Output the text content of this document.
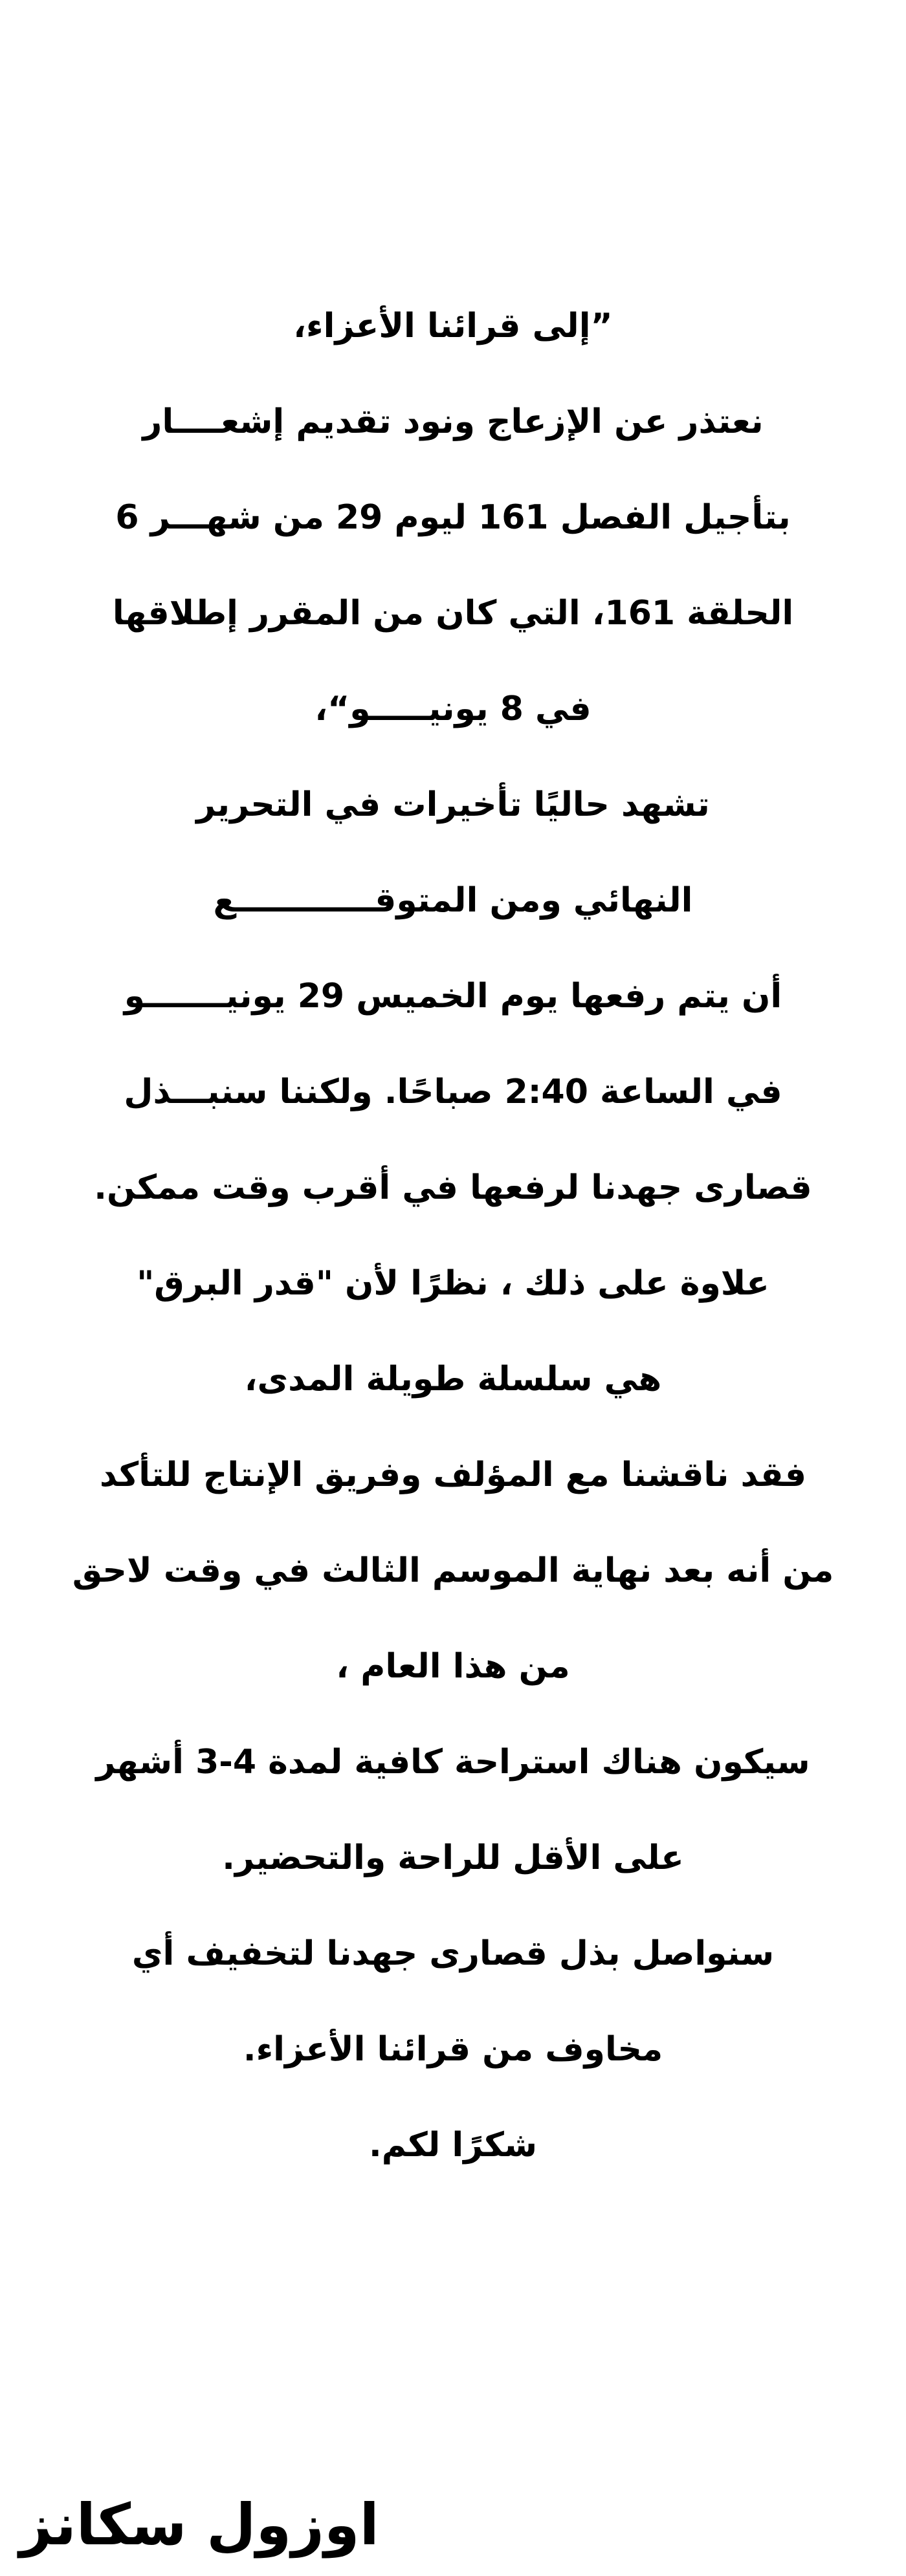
”إلى قرائنا الأعزاء،
نعتذر عن الإزعاج ونود تقديم إشعــــار
بتأجيل الفصل 161 ليوم 29 من شهـــر 6
الحلقة 161، التي كان من المقرر إطلاقها
في 8 يونيـــــو“،
تشهد حاليًا تأخيرات في التحرير
النهائي ومن المتوقــــــــــــع
أن يتم رفعها يوم الخميس 29 يونيـــــــو
في الساعة 2:40 صباحًا. ولكننا سنبـــذل
قصارى جهدنا لرفعها في أقرب وقت ممكن.
علاوة على ذلك ، نظرًا لأن "قدر البرق"
هي سلسلة طويلة المدى،
فقد ناقشنا مع المؤلف وفريق الإنتاج للتأكد
من أنه بعد نهاية الموسم الثالث في وقت لاحق
من هذا العام ،
سيكون هناك استراحة كافية لمدة 4-3 أشهر
على الأقل للراحة والتحضير.
سنواصل بذل قصارى جهدنا لتخفيف أي
مخاوف من قرائنا الأعزاء.
شكرًا لكم.
اوزول سكانز
